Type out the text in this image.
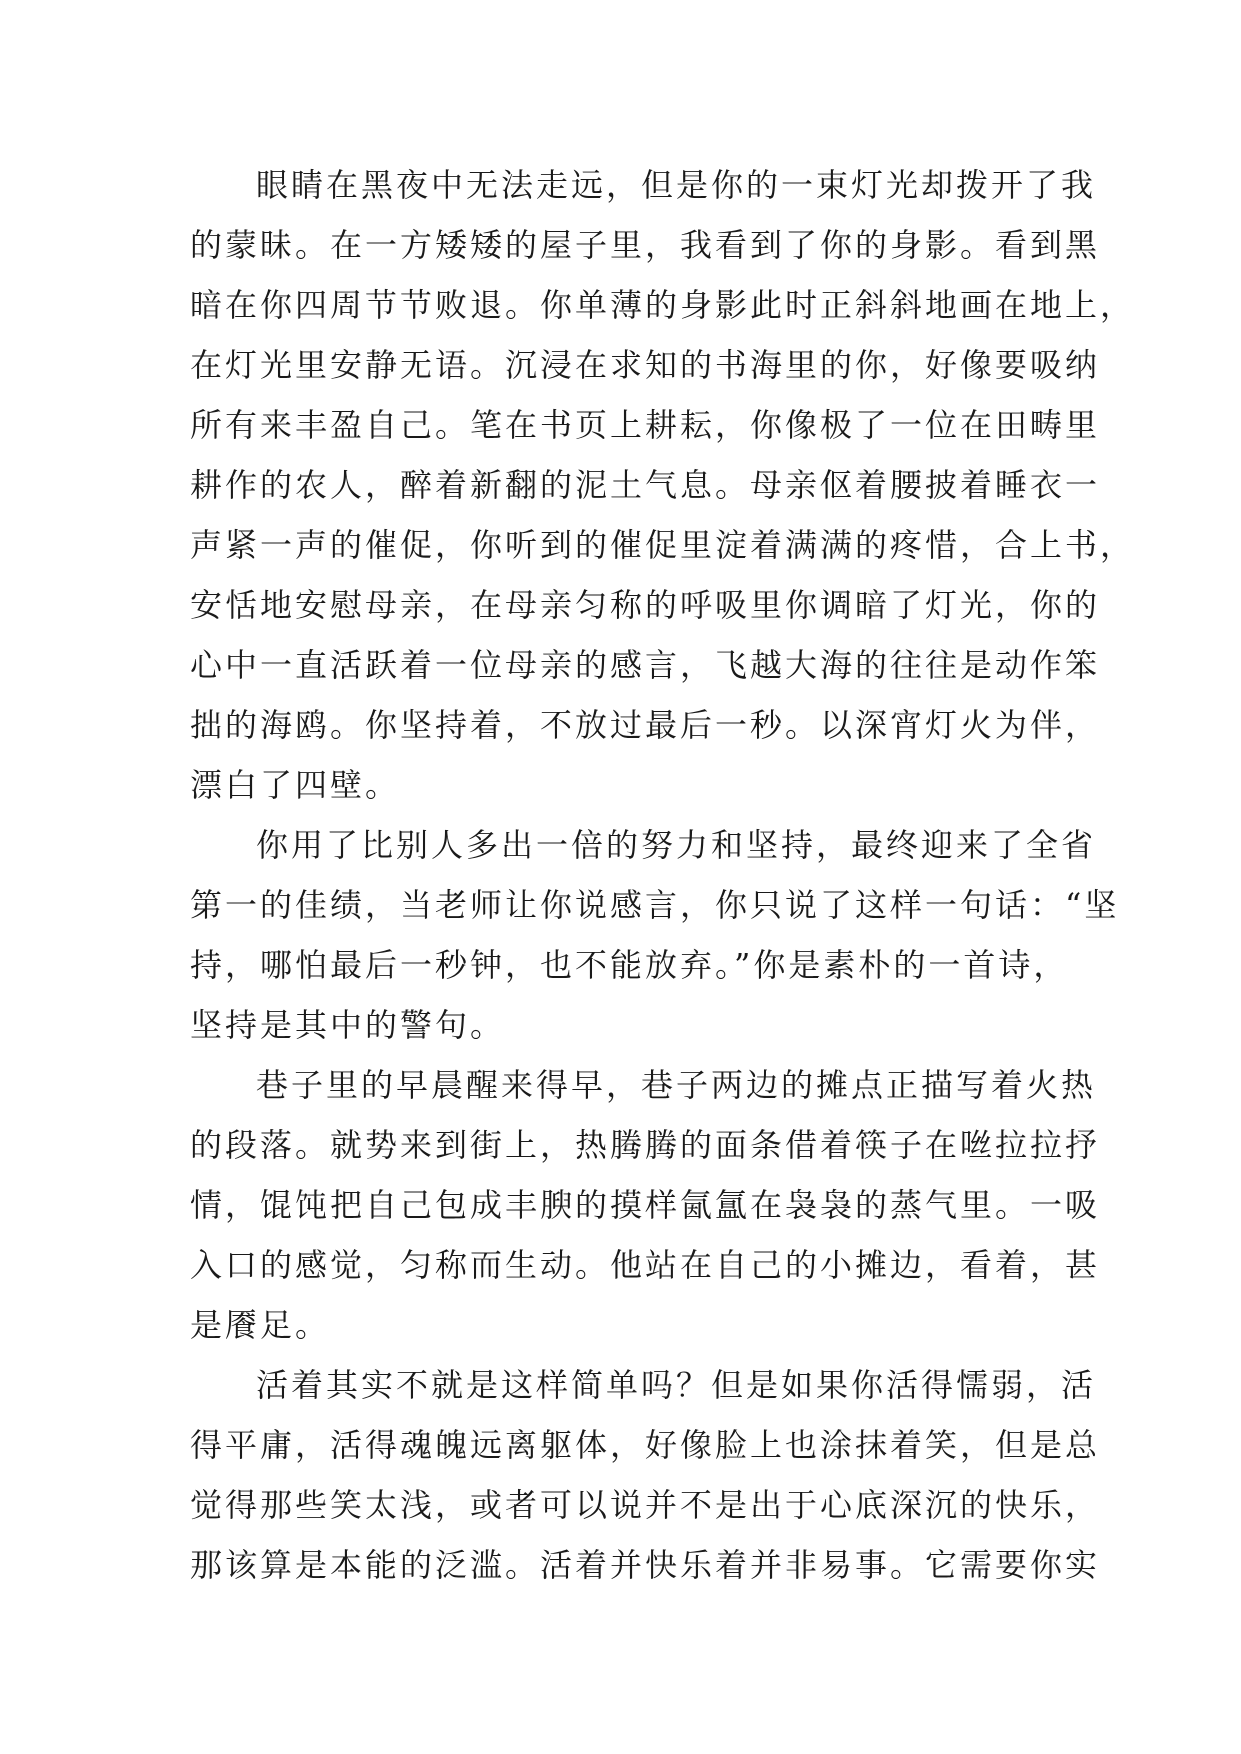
眼睛在黑夜中无法走远，但是你的一束灯光却拨开了我
的蒙昧。在一方矮矮的屋子里，我看到了你的身影。看到黑
暗在你四周节节败退。你单薄的身影此时正斜斜地画在地上，
在灯光里安静无语。沉浸在求知的书海里的你，好像要吸纳
所有来丰盈自己。笔在书页上耕耘，你像极了一位在田畴里
耕作的农人，醉着新翻的泥土气息。母亲伛着腰披着睡衣一
声紧一声的催促，你听到的催促里淀着满满的疼惜，合上书，
安恬地安慰母亲，在母亲匀称的呼吸里你调暗了灯光，你的
心中一直活跃着一位母亲的感言，飞越大海的往往是动作笨
拙的海鸥。你坚持着，不放过最后一秒。以深宵灯火为伴，
漂白了四壁。
你用了比别人多出一倍的努力和坚持，最终迎来了全省
第一的佳绩，当老师让你说感言，你只说了这样一句话：“坚
持，哪怕最后一秒钟，也不能放弃。”你是素朴的一首诗，
坚持是其中的警句。
巷子里的早晨醒来得早，巷子两边的摊点正描写着火热
的段落。就势来到街上，热腾腾的面条借着筷子在咝拉拉抒
情，馄饨把自己包成丰腴的摸样氤氲在袅袅的蒸气里。一吸
入口的感觉，匀称而生动。他站在自己的小摊边，看着，甚
是餍足。
活着其实不就是这样简单吗？但是如果你活得懦弱，活
得平庸，活得魂魄远离躯体，好像脸上也涂抹着笑，但是总
觉得那些笑太浅，或者可以说并不是出于心底深沉的快乐，
那该算是本能的泛滥。活着并快乐着并非易事。它需要你实
